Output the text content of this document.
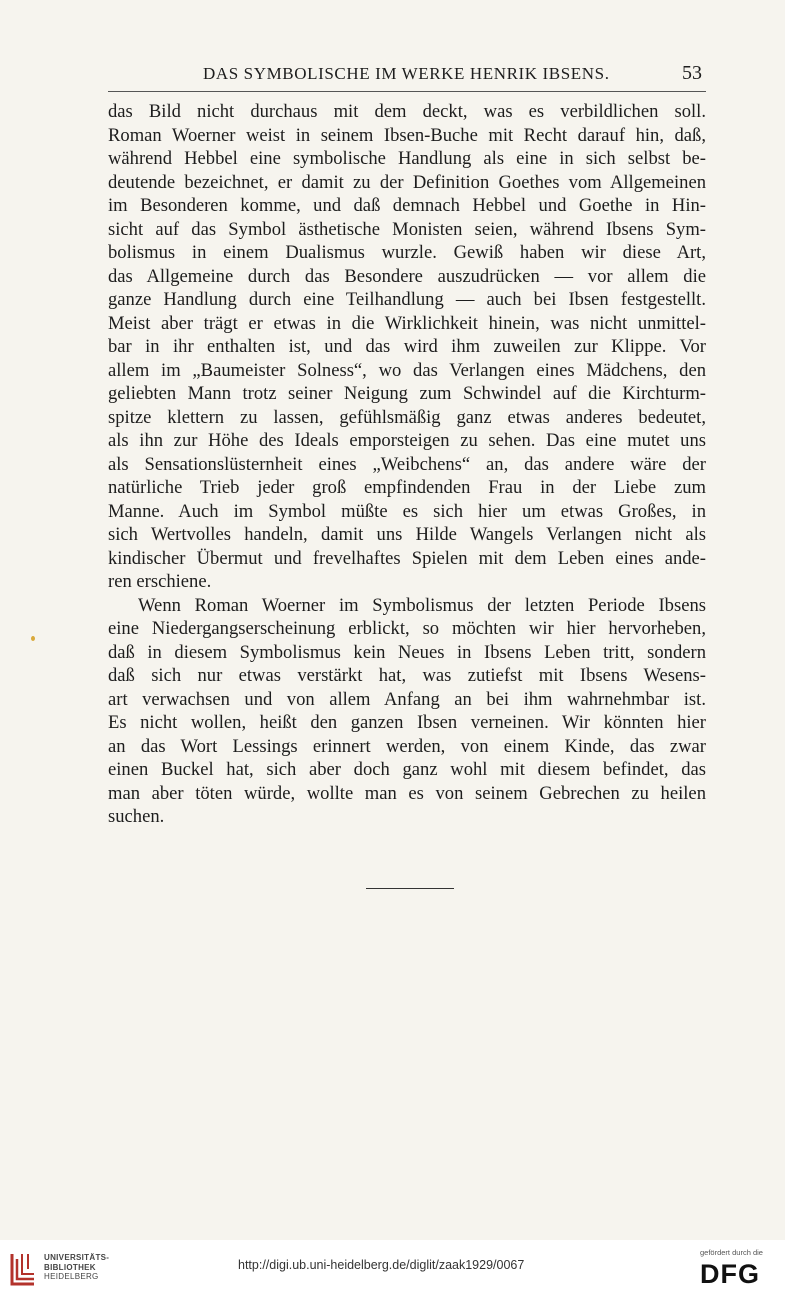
DAS SYMBOLISCHE IM WERKE HENRIK IBSENS.	53
das Bild nicht durchaus mit dem deckt, was es verbildlichen soll.
Roman Woerner weist in seinem Ibsen-Buche mit Recht darauf hin, daß,
während Hebbel eine symbolische Handlung als eine in sich selbst be-
deutende bezeichnet, er damit zu der Definition Goethes vom Allgemeinen
im Besonderen komme, und daß demnach Hebbel und Goethe in Hin-
sicht auf das Symbol ästhetische Monisten seien, während Ibsens Sym-
bolismus in einem Dualismus wurzle. Gewiß haben wir diese Art,
das Allgemeine durch das Besondere auszudrücken — vor allem die
ganze Handlung durch eine Teilhandlung — auch bei Ibsen festgestellt.
Meist aber trägt er etwas in die Wirklichkeit hinein, was nicht unmittel-
bar in ihr enthalten ist, und das wird ihm zuweilen zur Klippe. Vor
allem im „Baumeister Solness“, wo das Verlangen eines Mädchens, den
geliebten Mann trotz seiner Neigung zum Schwindel auf die Kirchturm-
spitze klettern zu lassen, gefühlsmäßig ganz etwas anderes bedeutet,
als ihn zur Höhe des Ideals emporsteigen zu sehen. Das eine mutet uns
als Sensationslüsternheit eines „Weibchens“ an, das andere wäre der
natürliche Trieb jeder groß empfindenden Frau in der Liebe zum
Manne. Auch im Symbol müßte es sich hier um etwas Großes, in
sich Wertvolles handeln, damit uns Hilde Wangels Verlangen nicht als
kindischer Übermut und frevelhaftes Spielen mit dem Leben eines ande-
ren erschiene.
Wenn Roman Woerner im Symbolismus der letzten Periode Ibsens
eine Niedergangserscheinung erblickt, so möchten wir hier hervorheben,
daß in diesem Symbolismus kein Neues in Ibsens Leben tritt, sondern
daß sich nur etwas verstärkt hat, was zutiefst mit Ibsens Wesens-
art verwachsen und von allem Anfang an bei ihm wahrnehmbar ist.
Es nicht wollen, heißt den ganzen Ibsen verneinen. Wir könnten hier
an das Wort Lessings erinnert werden, von einem Kinde, das zwar
einen Buckel hat, sich aber doch ganz wohl mit diesem befindet, das
man aber töten würde, wollte man es von seinem Gebrechen zu heilen
suchen.
UNIVERSITÄTS-
BIBLIOTHEK
HEIDELBERG
http://digi.ub.uni-heidelberg.de/diglit/zaak1929/0067
gefördert durch die
DFG
